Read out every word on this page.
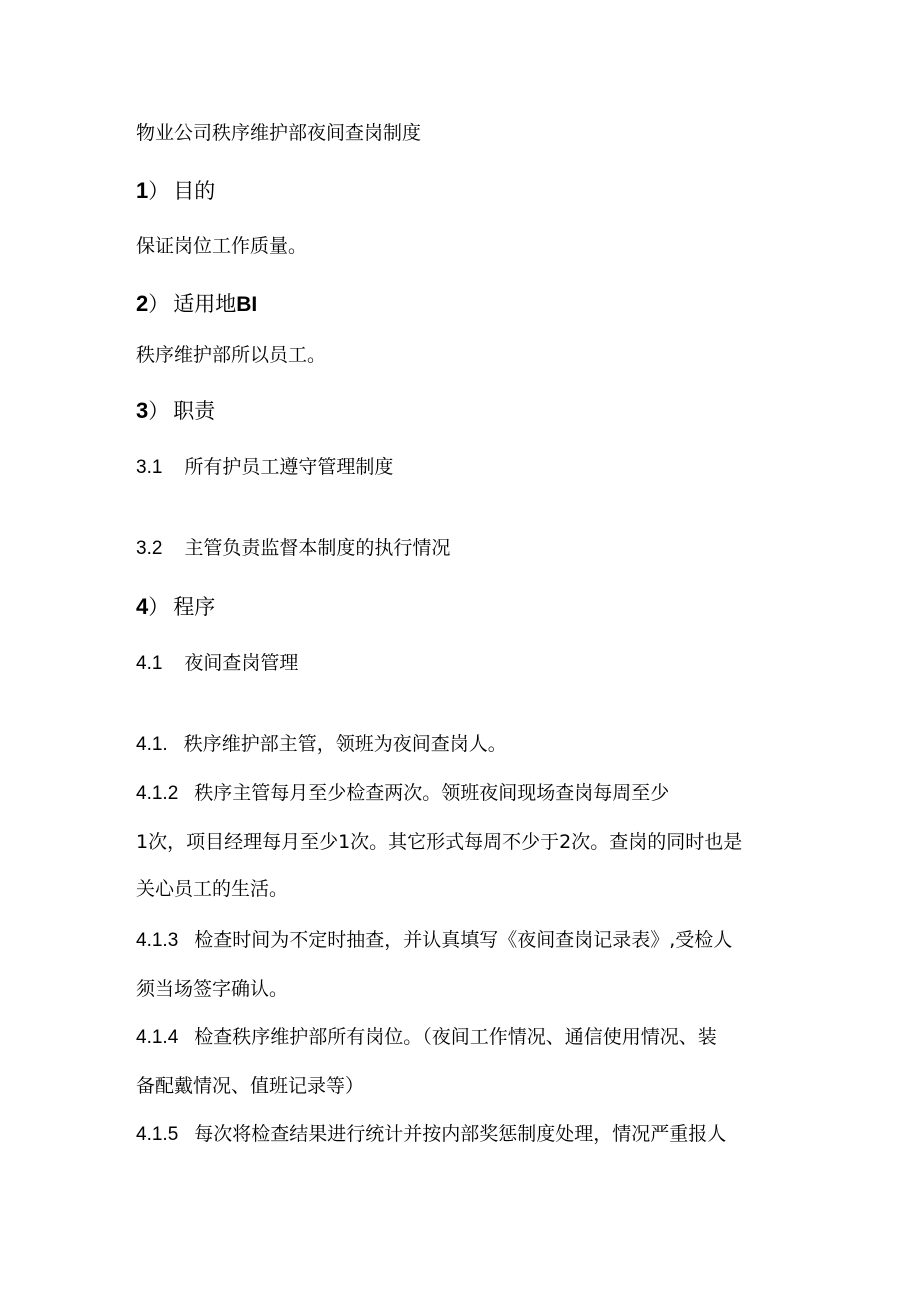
物业公司秩序维护部夜间查岗制度
1） 目的
保证岗位工作质量。
2） 适用地BI
秩序维护部所以员工。
3） 职责
3.1 所有护员工遵守管理制度
3.2 主管负责监督本制度的执行情况
4） 程序
4.1 夜间查岗管理
4.1. 秩序维护部主管，领班为夜间查岗人。
4.1.2 秩序主管每月至少检查两次。领班夜间现场查岗每周至少
1次，项目经理每月至少1次。其它形式每周不少于2次。查岗的同时也是
关心员工的生活。
4.1.3 检查时间为不定时抽查，并认真填写《夜间查岗记录表》,受检人
须当场签字确认。
4.1.4 检查秩序维护部所有岗位。（夜间工作情况、通信使用情况、装
备配戴情况、值班记录等）
4.1.5 每次将检查结果进行统计并按内部奖惩制度处理，情况严重报人
